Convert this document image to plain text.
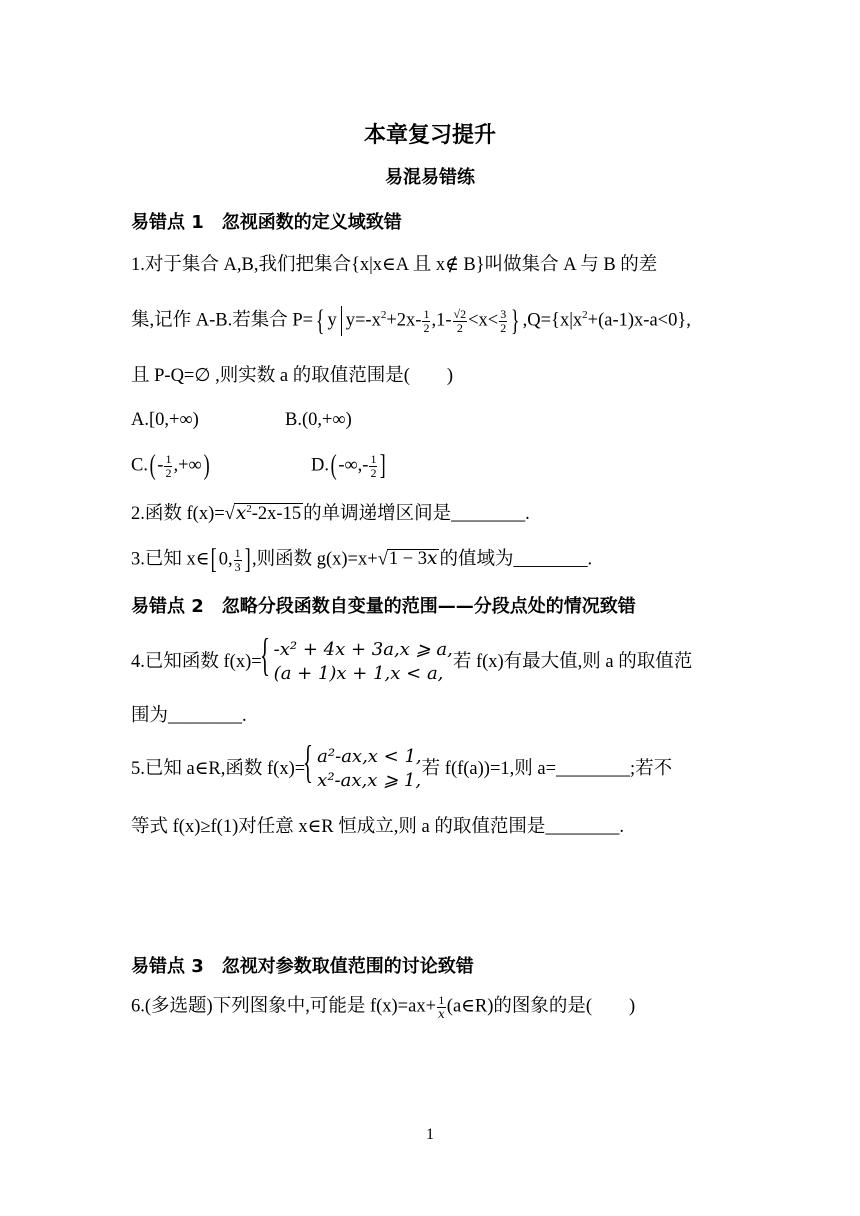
本章复习提升
易混易错练
易错点 1　忽视函数的定义域致错
1.对于集合 A,B,我们把集合{x|x∈A 且 x∉ B}叫做集合 A 与 B 的差
集,记作 A-B.若集合 P={ y $y=-x^2+2x- \frac{1}{2} ,1- \frac{√2}{2} <x< \frac{3}{2}$ } $,Q=\{x|x^2+(a-1)x-a<0\}$,
且 P-Q=∅ ,则实数 a 的取值范围是(　　)
A.[0,+∞)	B.(0,+∞)
$C.(- \frac{1}{2}$ ,+∞)	$D.(-\infty,- \frac{1}{2}$ ]
2.函数 $f(x)=√x^2-2x-15$ 的单调递增区间是________.
3.已知 x∈[0, $\frac{1}{3}$ ],则函数 g(x)=x+√1 − 3x 的值域为________.
易错点 2　忽略分段函数自变量的范围——分段点处的情况致错
4.已知函数 f(x)=
{ -x² + 4x + 3a,x ⩾ a,
(a + 1)x + 1,x < a,
若 f(x)有最大值,则 a 的取值范
围为________.
5.已知 a∈R,函数 f(x)=
{ a²-ax,x < 1,
x²-ax,x ⩾ 1,
若 f(f(a))=1,则 a=________;若不
等式 f(x)≥f(1)对任意 x∈R 恒成立,则 a 的取值范围是________.
易错点 3　忽视对参数取值范围的讨论致错
6.(多选题)下列图象中,可能是 $f(x)=ax+ \frac{1}{x}$ (a∈R)的图象的是(　　)
1
